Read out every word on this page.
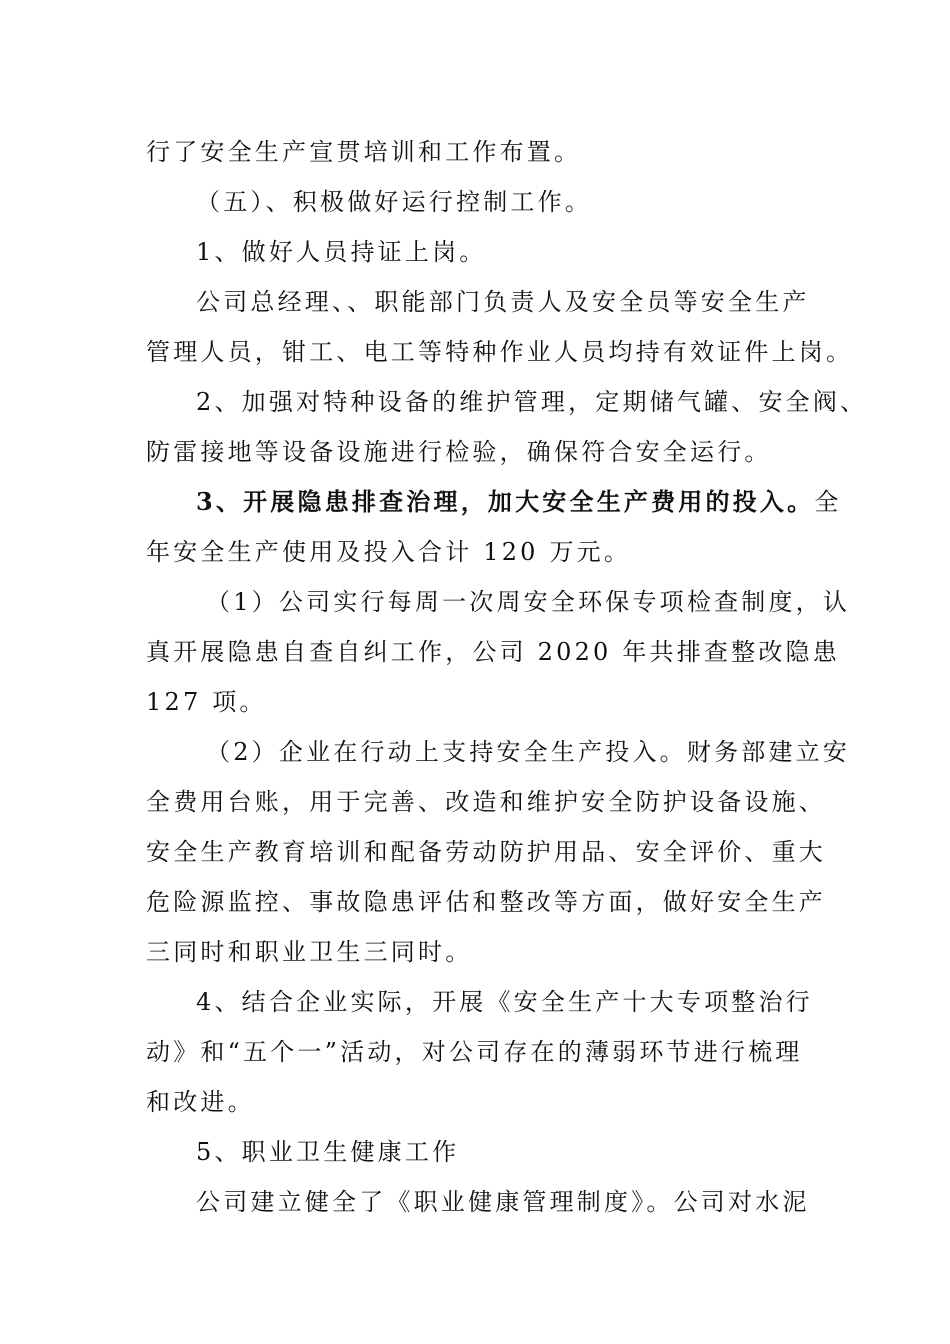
行了安全生产宣贯培训和工作布置。
（五）、积极做好运行控制工作。
1、做好人员持证上岗。
公司总经理、、职能部门负责人及安全员等安全生产
管理人员，钳工、电工等特种作业人员均持有效证件上岗。
2、加强对特种设备的维护管理，定期储气罐、安全阀、
防雷接地等设备设施进行检验，确保符合安全运行。
3、开展隐患排查治理，加大安全生产费用的投入。全
年安全生产使用及投入合计 120 万元。
（1）公司实行每周一次周安全环保专项检查制度，认
真开展隐患自查自纠工作，公司 2020 年共排查整改隐患
127 项。
（2）企业在行动上支持安全生产投入。财务部建立安
全费用台账，用于完善、改造和维护安全防护设备设施、
安全生产教育培训和配备劳动防护用品、安全评价、重大
危险源监控、事故隐患评估和整改等方面，做好安全生产
三同时和职业卫生三同时。
4、结合企业实际，开展《安全生产十大专项整治行
动》和“五个一”活动，对公司存在的薄弱环节进行梳理
和改进。
5、职业卫生健康工作
公司建立健全了《职业健康管理制度》。公司对水泥
